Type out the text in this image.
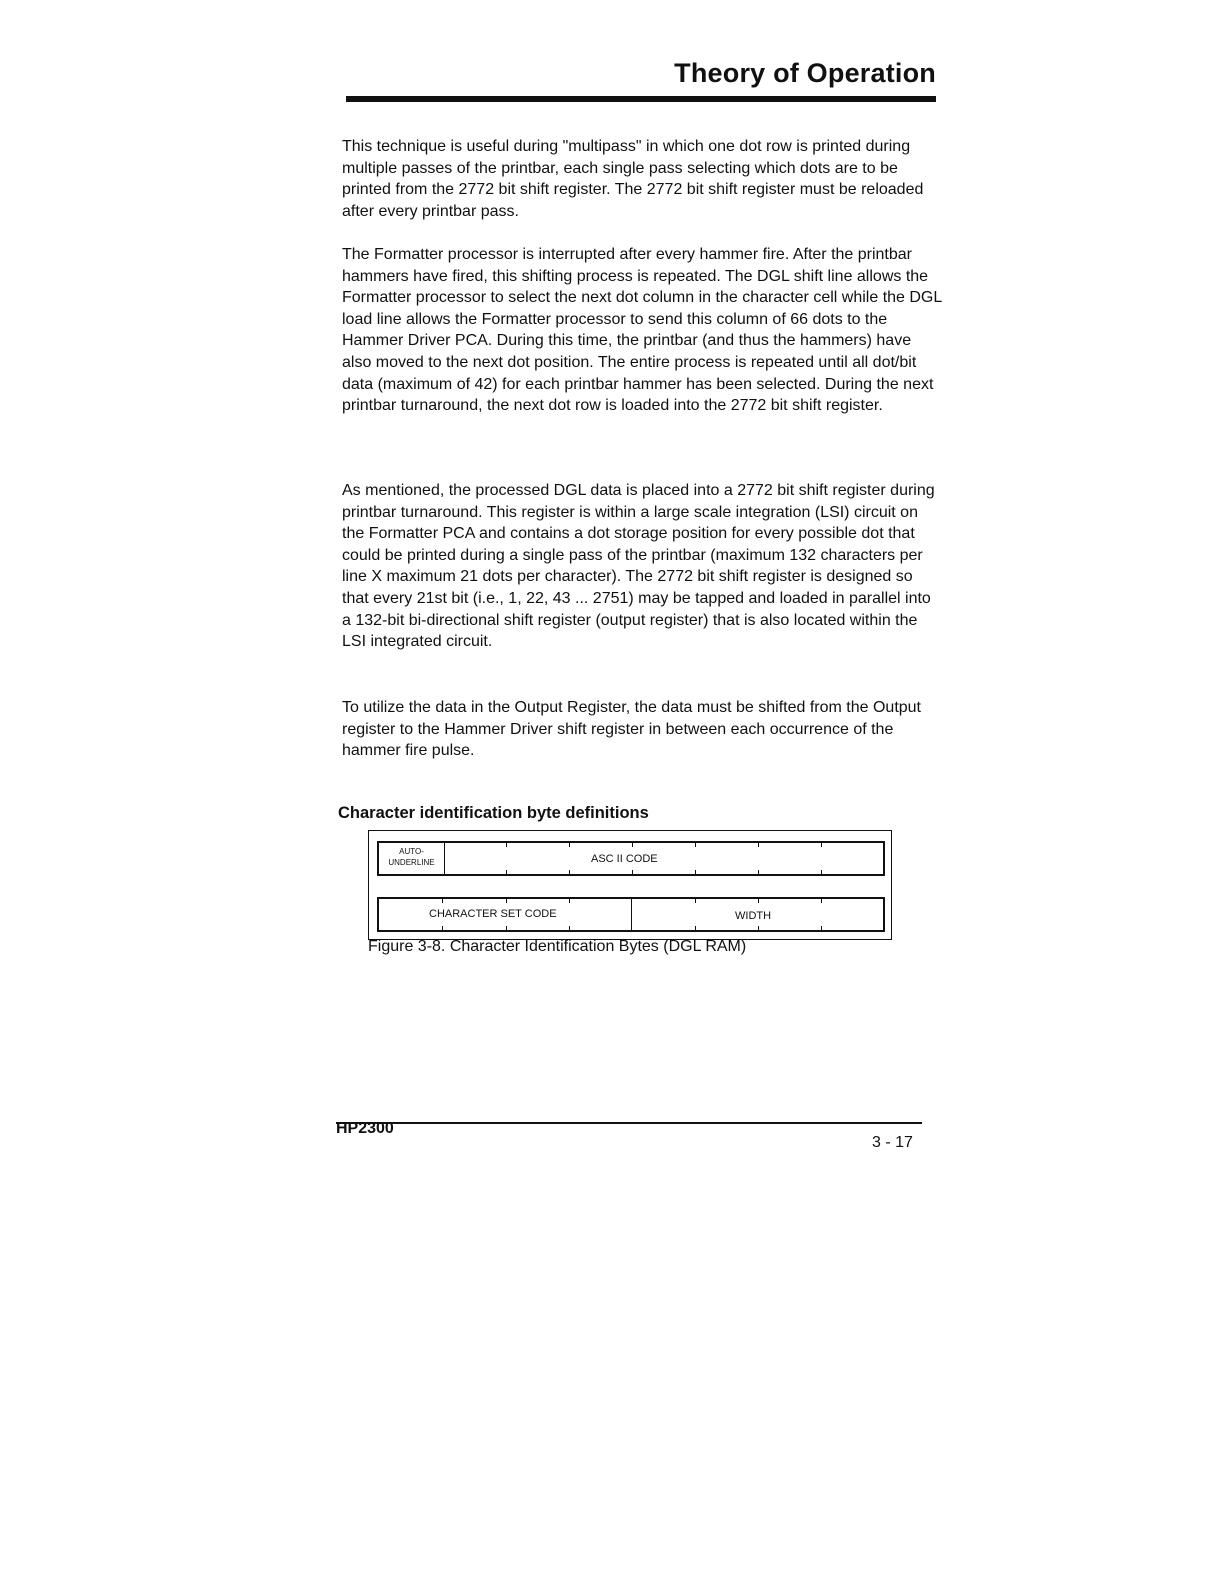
Theory of Operation

This technique is useful during "multipass" in which one dot row is printed during multiple passes of the printbar, each single pass selecting which dots are to be printed from the 2772 bit shift register. The 2772 bit shift register must be reloaded after every printbar pass.

The Formatter processor is interrupted after every hammer fire. After the printbar hammers have fired, this shifting process is repeated. The DGL shift line allows the Formatter processor to select the next dot column in the character cell while the DGL load line allows the Formatter processor to send this column of 66 dots to the Hammer Driver PCA. During this time, the printbar (and thus the hammers) have also moved to the next dot position. The entire process is repeated until all dot/bit data (maximum of 42) for each printbar hammer has been selected. During the next printbar turnaround, the next dot row is loaded into the 2772 bit shift register.

As mentioned, the processed DGL data is placed into a 2772 bit shift register during printbar turnaround. This register is within a large scale integration (LSI) circuit on the Formatter PCA and contains a dot storage position for every possible dot that could be printed during a single pass of the printbar (maximum 132 characters per line X maximum 21 dots per character). The 2772 bit shift register is designed so that every 21st bit (i.e., 1, 22, 43 ... 2751) may be tapped and loaded in parallel into a 132-bit bi-directional shift register (output register) that is also located within the LSI integrated circuit.

To utilize the data in the Output Register, the data must be shifted from the Output register to the Hammer Driver shift register in between each occurrence of the hammer fire pulse.

Character identification byte definitions
AUTO-
UNDERLINE	ASC II CODE
CHARACTER SET CODE	WIDTH
Figure 3-8. Character Identification Bytes (DGL RAM)
HP2300
3 - 17
